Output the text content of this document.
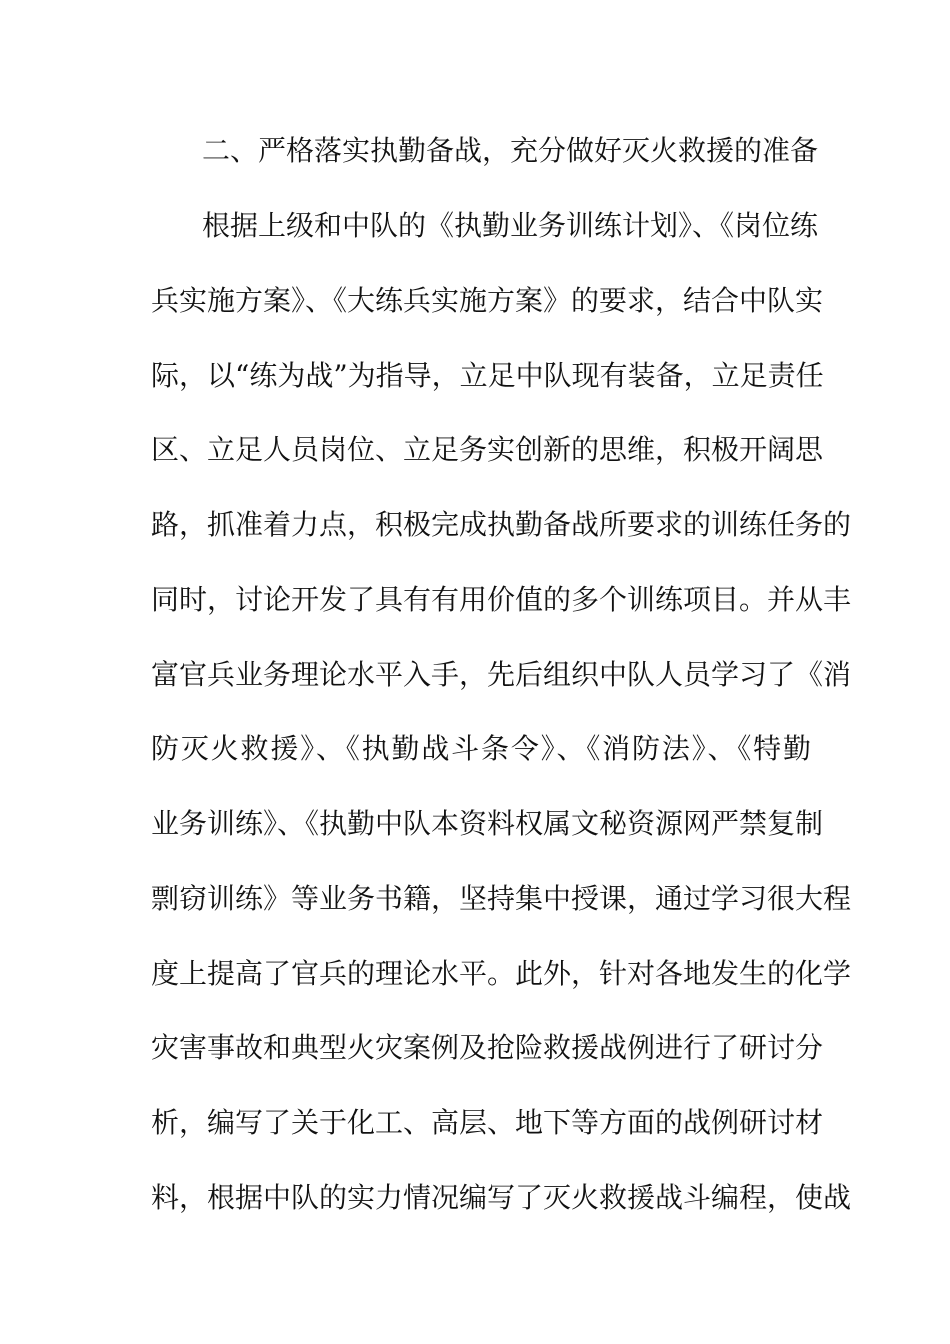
二、严格落实执勤备战，充分做好灭火救援的准备
根据上级和中队的《执勤业务训练计划》、《岗位练
兵实施方案》、《大练兵实施方案》的要求，结合中队实
际，以“练为战”为指导，立足中队现有装备，立足责任
区、立足人员岗位、立足务实创新的思维，积极开阔思
路，抓准着力点，积极完成执勤备战所要求的训练任务的
同时，讨论开发了具有有用价值的多个训练项目。并从丰
富官兵业务理论水平入手，先后组织中队人员学习了《消
防灭火救援》、《执勤战斗条令》、《消防法》、《特勤
业务训练》、《执勤中队本资料权属文秘资源网严禁复制
剽窃训练》等业务书籍，坚持集中授课，通过学习很大程
度上提高了官兵的理论水平。此外，针对各地发生的化学
灾害事故和典型火灾案例及抢险救援战例进行了研讨分
析，编写了关于化工、高层、地下等方面的战例研讨材
料，根据中队的实力情况编写了灭火救援战斗编程，使战
